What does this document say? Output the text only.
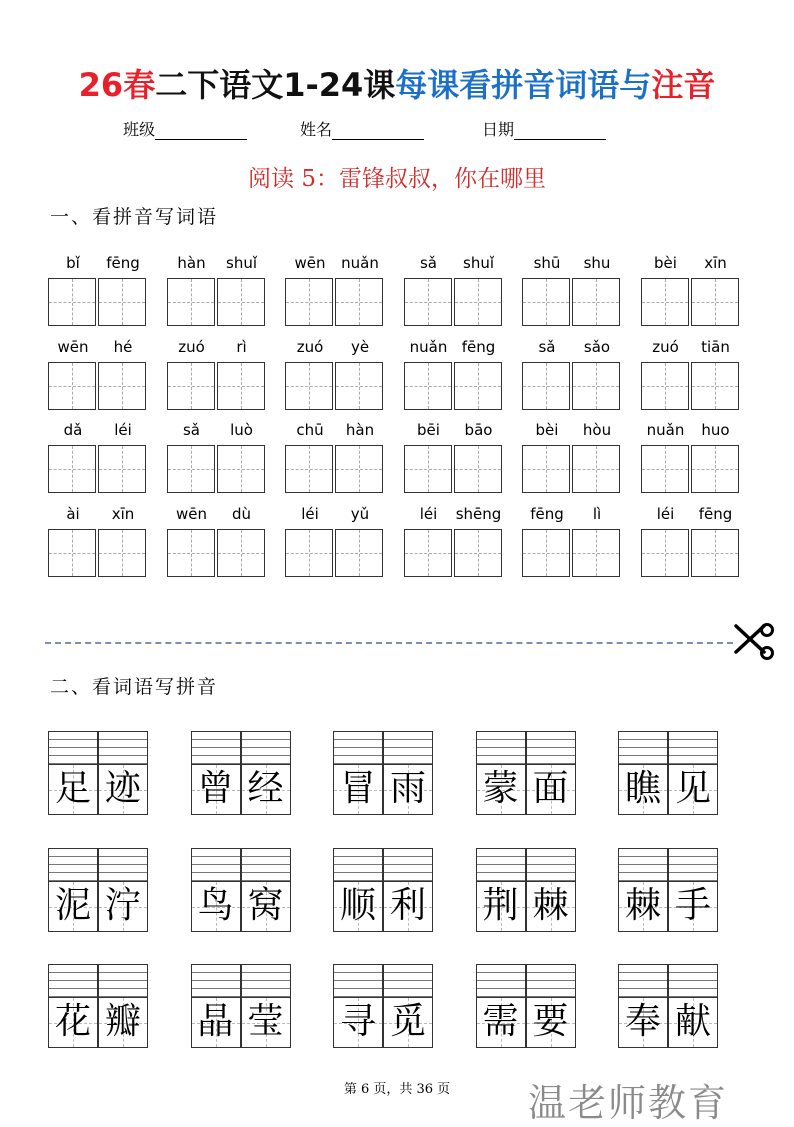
26春二下语文1-24课每课看拼音词语与注音
班级	姓名	日期
阅读 5：雷锋叔叔，你在哪里
一、看拼音写词语
bǐ	fēng	hàn	shuǐ	wēn	nuǎn	sǎ	shuǐ	shū	shu	bèi	xīn
wēn	hé	zuó	rì	zuó	yè	nuǎn fēng	sǎ	sǎo	zuó	tiān
dǎ	léi	sǎ	luò	chū	hàn	bēi	bāo	bèi	hòu	nuǎn	huo
ài	xīn	wēn	dù	léi	yǔ	léi	shēng	fēng	lì	léi	fēng
二、看词语写拼音
足 迹 曾 经 冒 雨 蒙 面 瞧 见
泥 泞 鸟 窝 顺 利 荆 棘 棘 手
花 瓣 晶 莹 寻 觅 需 要 奉 献
第 6 页，共 36 页	温老师教育
